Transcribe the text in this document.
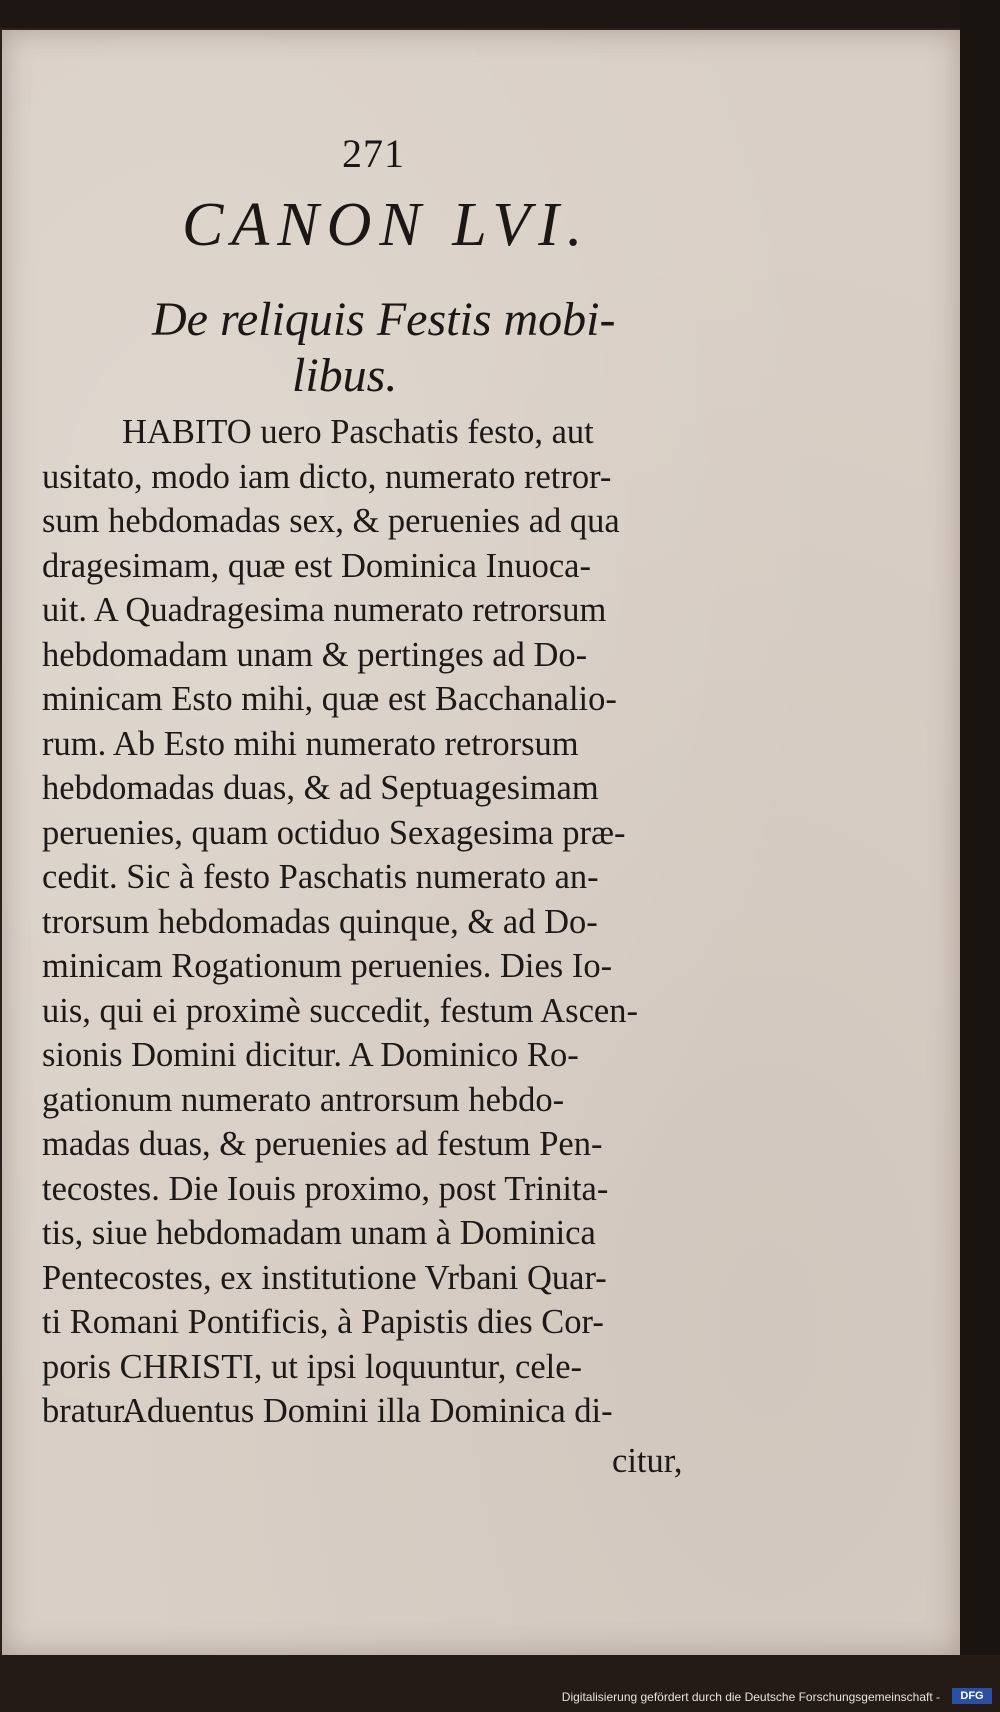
271
CANON LVI.
De reliquis Festis mobi-
libus.
HABITO uero Paschatis festo, aut
usitato, modo iam dicto, numerato retror-
sum hebdomadas sex, & peruenies ad qua
dragesimam, quæ est Dominica Inuoca-
uit. A Quadragesima numerato retrorsum
hebdomadam unam & pertinges ad Do-
minicam Esto mihi, quæ est Bacchanalio-
rum. Ab Esto mihi numerato retrorsum
hebdomadas duas, & ad Septuagesimam
peruenies, quam octiduo Sexagesima præ-
cedit. Sic à festo Paschatis numerato an-
trorsum hebdomadas quinque, & ad Do-
minicam Rogationum peruenies. Dies Io-
uis, qui ei proximè succedit, festum Ascen-
sionis Domini dicitur. A Dominico Ro-
gationum numerato antrorsum hebdo-
madas duas, & peruenies ad festum Pen-
tecostes. Die Iouis proximo, post Trinita-
tis, siue hebdomadam unam à Dominica
Pentecostes, ex institutione Vrbani Quar-
ti Romani Pontificis, à Papistis dies Cor-
poris CHRISTI, ut ipsi loquuntur, cele-
bratur.
Aduentus Domini illa Dominica di-
citur,
Digitalisierung gefördert durch die Deutsche Forschungsgemeinschaft -	DFG
